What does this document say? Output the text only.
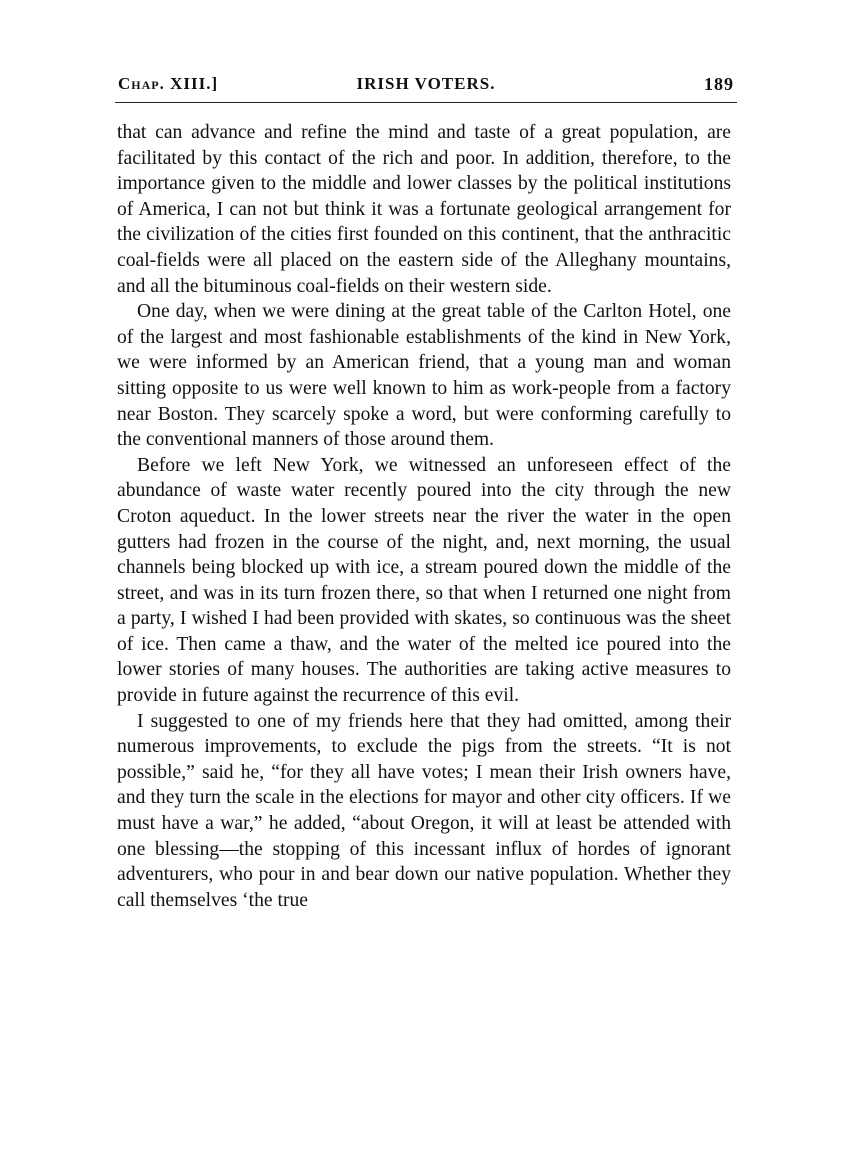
Chap. XIII.]	IRISH VOTERS.	189

that can advance and refine the mind and taste of a great population, are facilitated by this contact of the rich and poor. In addition, therefore, to the importance given to the middle and lower classes by the political institutions of America, I can not but think it was a fortunate geological arrangement for the civilization of the cities first founded on this continent, that the anthracitic coal-fields were all placed on the eastern side of the Alleghany mountains, and all the bituminous coal-fields on their western side.

One day, when we were dining at the great table of the Carlton Hotel, one of the largest and most fashionable establishments of the kind in New York, we were informed by an American friend, that a young man and woman sitting opposite to us were well known to him as work-people from a factory near Boston. They scarcely spoke a word, but were conforming carefully to the conventional manners of those around them.

Before we left New York, we witnessed an unforeseen effect of the abundance of waste water recently poured into the city through the new Croton aqueduct. In the lower streets near the river the water in the open gutters had frozen in the course of the night, and, next morning, the usual channels being blocked up with ice, a stream poured down the middle of the street, and was in its turn frozen there, so that when I returned one night from a party, I wished I had been provided with skates, so continuous was the sheet of ice. Then came a thaw, and the water of the melted ice poured into the lower stories of many houses. The authorities are taking active measures to provide in future against the recurrence of this evil.

I suggested to one of my friends here that they had omitted, among their numerous improvements, to exclude the pigs from the streets. “It is not possible,” said he, “for they all have votes; I mean their Irish owners have, and they turn the scale in the elections for mayor and other city officers. If we must have a war,” he added, “about Oregon, it will at least be attended with one blessing—the stopping of this incessant influx of hordes of ignorant adventurers, who pour in and bear down our native population. Whether they call themselves ‘the true
